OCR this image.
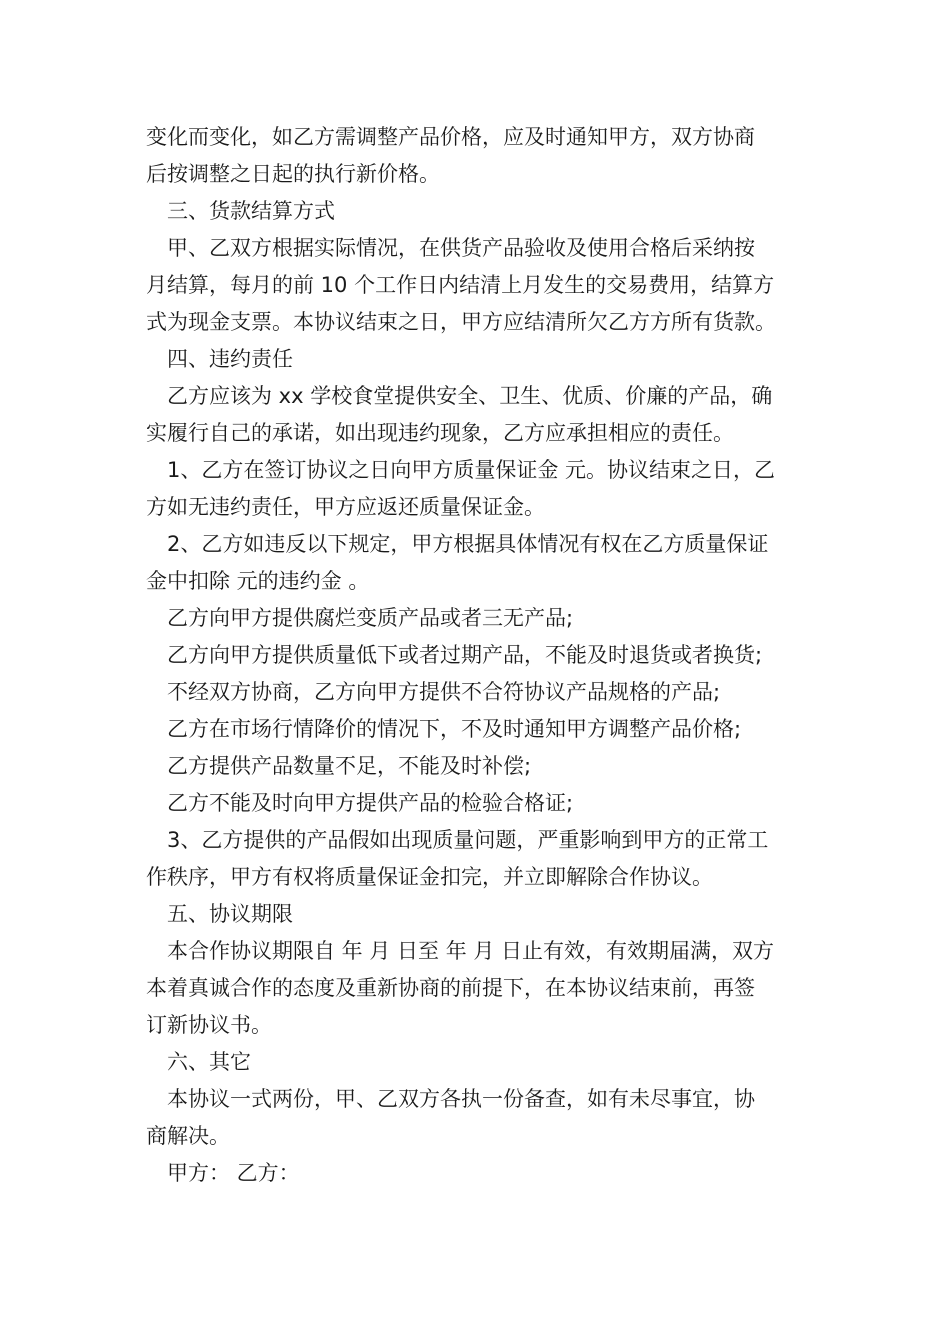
变化而变化，如乙方需调整产品价格，应及时通知甲方，双方协商

后按调整之日起的执行新价格。

　三、货款结算方式

　甲、乙双方根据实际情况，在供货产品验收及使用合格后采纳按

月结算，每月的前 10 个工作日内结清上月发生的交易费用，结算方

式为现金支票。本协议结束之日，甲方应结清所欠乙方方所有货款。

　四、违约责任

　乙方应该为 xx 学校食堂提供安全、卫生、优质、价廉的产品，确

实履行自己的承诺，如出现违约现象，乙方应承担相应的责任。

　1、乙方在签订协议之日向甲方质量保证金 元。协议结束之日，乙

方如无违约责任，甲方应返还质量保证金。

　2、乙方如违反以下规定，甲方根据具体情况有权在乙方质量保证

金中扣除 元的违约金 。

　乙方向甲方提供腐烂变质产品或者三无产品;

　乙方向甲方提供质量低下或者过期产品，不能及时退货或者换货;

　不经双方协商，乙方向甲方提供不合符协议产品规格的产品;

　乙方在市场行情降价的情况下，不及时通知甲方调整产品价格;

　乙方提供产品数量不足，不能及时补偿;

　乙方不能及时向甲方提供产品的检验合格证;

　3、乙方提供的产品假如出现质量问题，严重影响到甲方的正常工

作秩序，甲方有权将质量保证金扣完，并立即解除合作协议。

　五、协议期限

　本合作协议期限自 年 月 日至 年 月 日止有效，有效期届满，双方

本着真诚合作的态度及重新协商的前提下，在本协议结束前，再签

订新协议书。

　六、其它

　本协议一式两份，甲、乙双方各执一份备查，如有未尽事宜，协

商解决。

　甲方： 乙方：
